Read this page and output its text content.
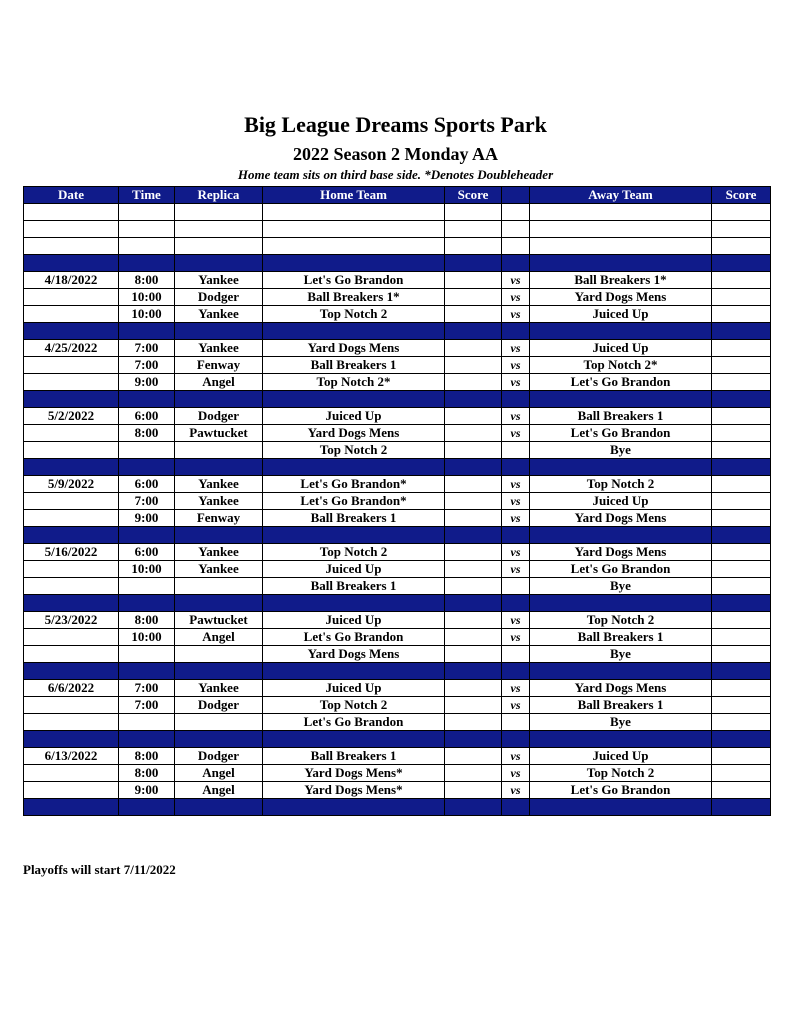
Big League Dreams Sports Park
2022 Season 2 Monday AA

Home team sits on third base side. *Denotes Doubleheader

Date	Time	Replica	Home Team	Score		Away Team	Score

4/18/2022	8:00	Yankee	Let's Go Brandon		vs	Ball Breakers 1*	
	10:00	Dodger	Ball Breakers 1*		vs	Yard Dogs Mens	
	10:00	Yankee	Top Notch 2		vs	Juiced Up	

4/25/2022	7:00	Yankee	Yard Dogs Mens		vs	Juiced Up	
	7:00	Fenway	Ball Breakers 1		vs	Top Notch 2*	
	9:00	Angel	Top Notch 2*		vs	Let's Go Brandon	

5/2/2022	6:00	Dodger	Juiced Up		vs	Ball Breakers 1	
	8:00	Pawtucket	Yard Dogs Mens		vs	Let's Go Brandon	
			Top Notch 2			Bye	

5/9/2022	6:00	Yankee	Let's Go Brandon*		vs	Top Notch 2	
	7:00	Yankee	Let's Go Brandon*		vs	Juiced Up	
	9:00	Fenway	Ball Breakers 1		vs	Yard Dogs Mens	

5/16/2022	6:00	Yankee	Top Notch 2		vs	Yard Dogs Mens	
	10:00	Yankee	Juiced Up		vs	Let's Go Brandon	
			Ball Breakers 1			Bye	

5/23/2022	8:00	Pawtucket	Juiced Up		vs	Top Notch 2	
	10:00	Angel	Let's Go Brandon		vs	Ball Breakers 1	
			Yard Dogs Mens			Bye	

6/6/2022	7:00	Yankee	Juiced Up		vs	Yard Dogs Mens	
	7:00	Dodger	Top Notch 2		vs	Ball Breakers 1	
			Let's Go Brandon			Bye	

6/13/2022	8:00	Dodger	Ball Breakers 1		vs	Juiced Up	
	8:00	Angel	Yard Dogs Mens*		vs	Top Notch 2	
	9:00	Angel	Yard Dogs Mens*		vs	Let's Go Brandon	

Playoffs will start 7/11/2022
